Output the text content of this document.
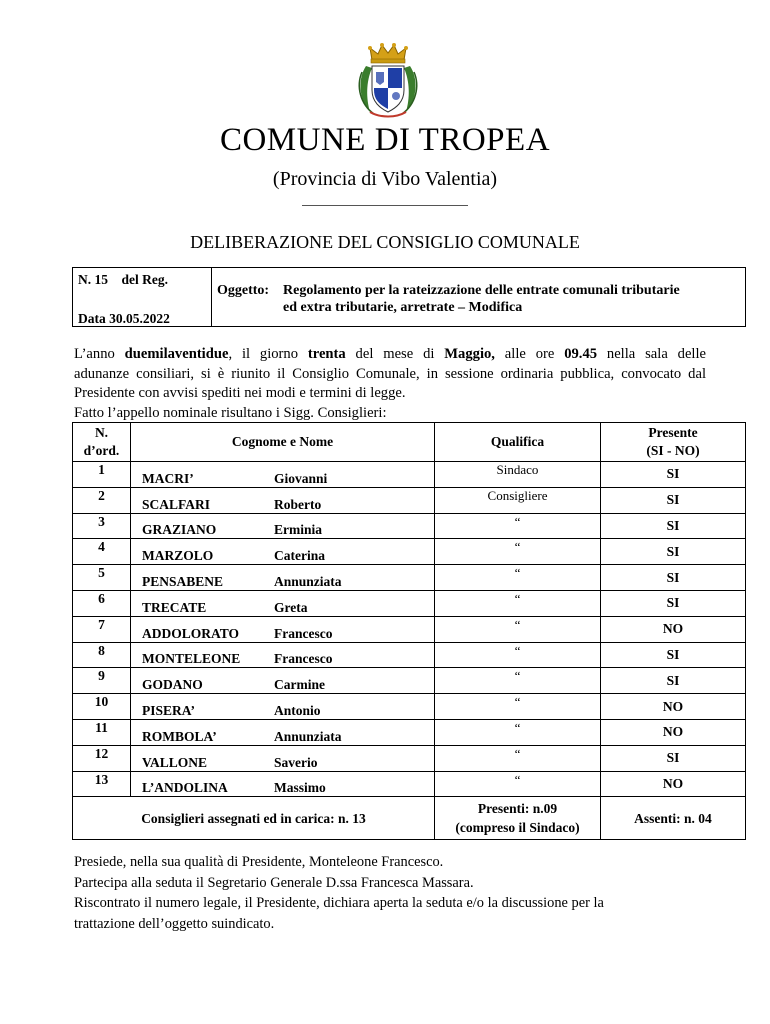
COMUNE DI TROPEA
(Provincia di Vibo Valentia)
DELIBERAZIONE DEL CONSIGLIO COMUNALE
N. 15 del Reg.
Data 30.05.2022
Oggetto: Regolamento per la rateizzazione delle entrate comunali tributarie
ed extra tributarie, arretrate – Modifica
L’anno duemilaventidue, il giorno trenta del mese di Maggio, alle ore 09.45 nella sala delle
adunanze consiliari, si è riunito il Consiglio Comunale, in sessione ordinaria pubblica, convocato dal
Presidente con avvisi spediti nei modi e termini di legge.
Fatto l’appello nominale risultano i Sigg. Consiglieri:
N.
d’ord.	Cognome e Nome	Qualifica	Presente
(SI - NO)
1	MACRI’ Giovanni	Sindaco	SI
2	SCALFARI Roberto	Consigliere	SI
3	GRAZIANO Erminia	“	SI
4	MARZOLO Caterina	“	SI
5	PENSABENE Annunziata	“	SI
6	TRECATE Greta	“	SI
7	ADDOLORATO Francesco	“	NO
8	MONTELEONE Francesco	“	SI
9	GODANO Carmine	“	SI
10	PISERA’ Antonio	“	NO
11	ROMBOLA’ Annunziata	“	NO
12	VALLONE Saverio	“	SI
13	L’ANDOLINA Massimo	“	NO
Consiglieri assegnati ed in carica: n. 13		Presenti: n.09
(compreso il Sindaco)	Assenti: n. 04
Presiede, nella sua qualità di Presidente, Monteleone Francesco.
Partecipa alla seduta il Segretario Generale D.ssa Francesca Massara.
Riscontrato il numero legale, il Presidente, dichiara aperta la seduta e/o la discussione per la
trattazione dell’oggetto suindicato.
